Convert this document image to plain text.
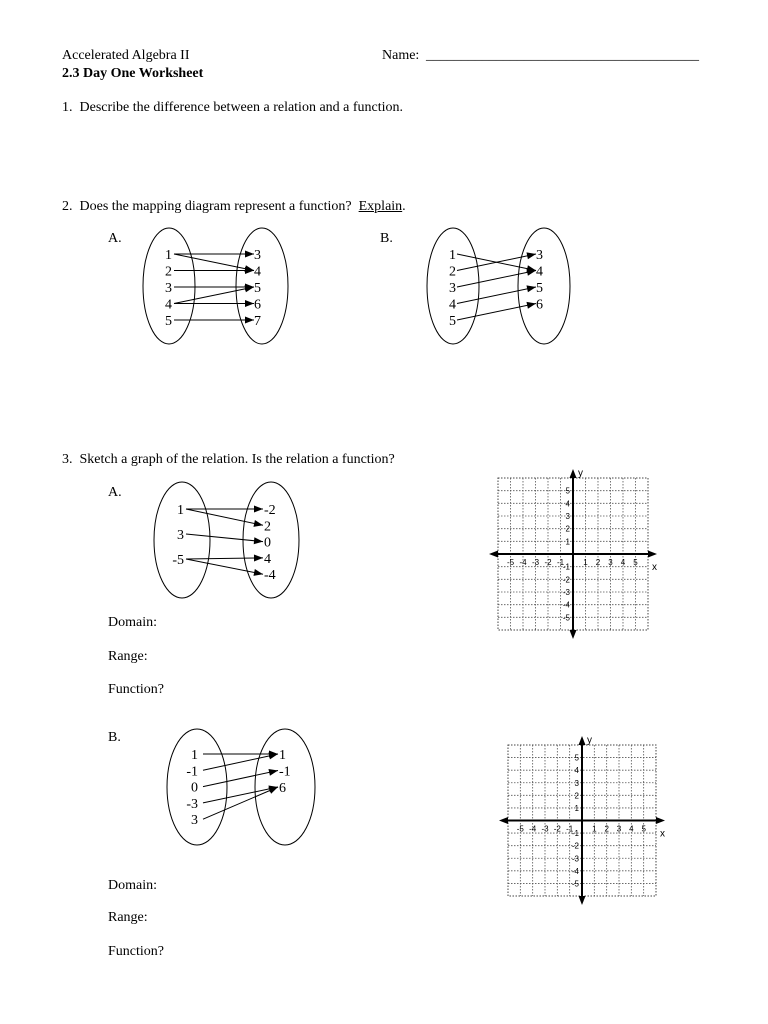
Accelerated Algebra II
2.3 Day One Worksheet
Name: _______________________________________
1. Describe the difference between a relation and a function.
2. Does the mapping diagram represent a function? Explain.
A.	B.
1
2
3
4
5
3
4
5
6
7
1
2
3
4
5
3
4
5
6
3. Sketch a graph of the relation. Is the relation a function?
A.
B.
1
3
-5
-2
2
0
4
-4
1
-1
0
-3
3
1
-1
6
Domain:
Range:
Function?
Domain:
Range:
Function?
x
y
-5 -4 -3 -2 -1 1 2 3 4 5
5
4
3
2
1
-1
-2
-3
-4
-5
x
y
-5 -4 -3 -2 -1 1 2 3 4 5
5
4
3
2
1
-1
-2
-3
-4
-5
